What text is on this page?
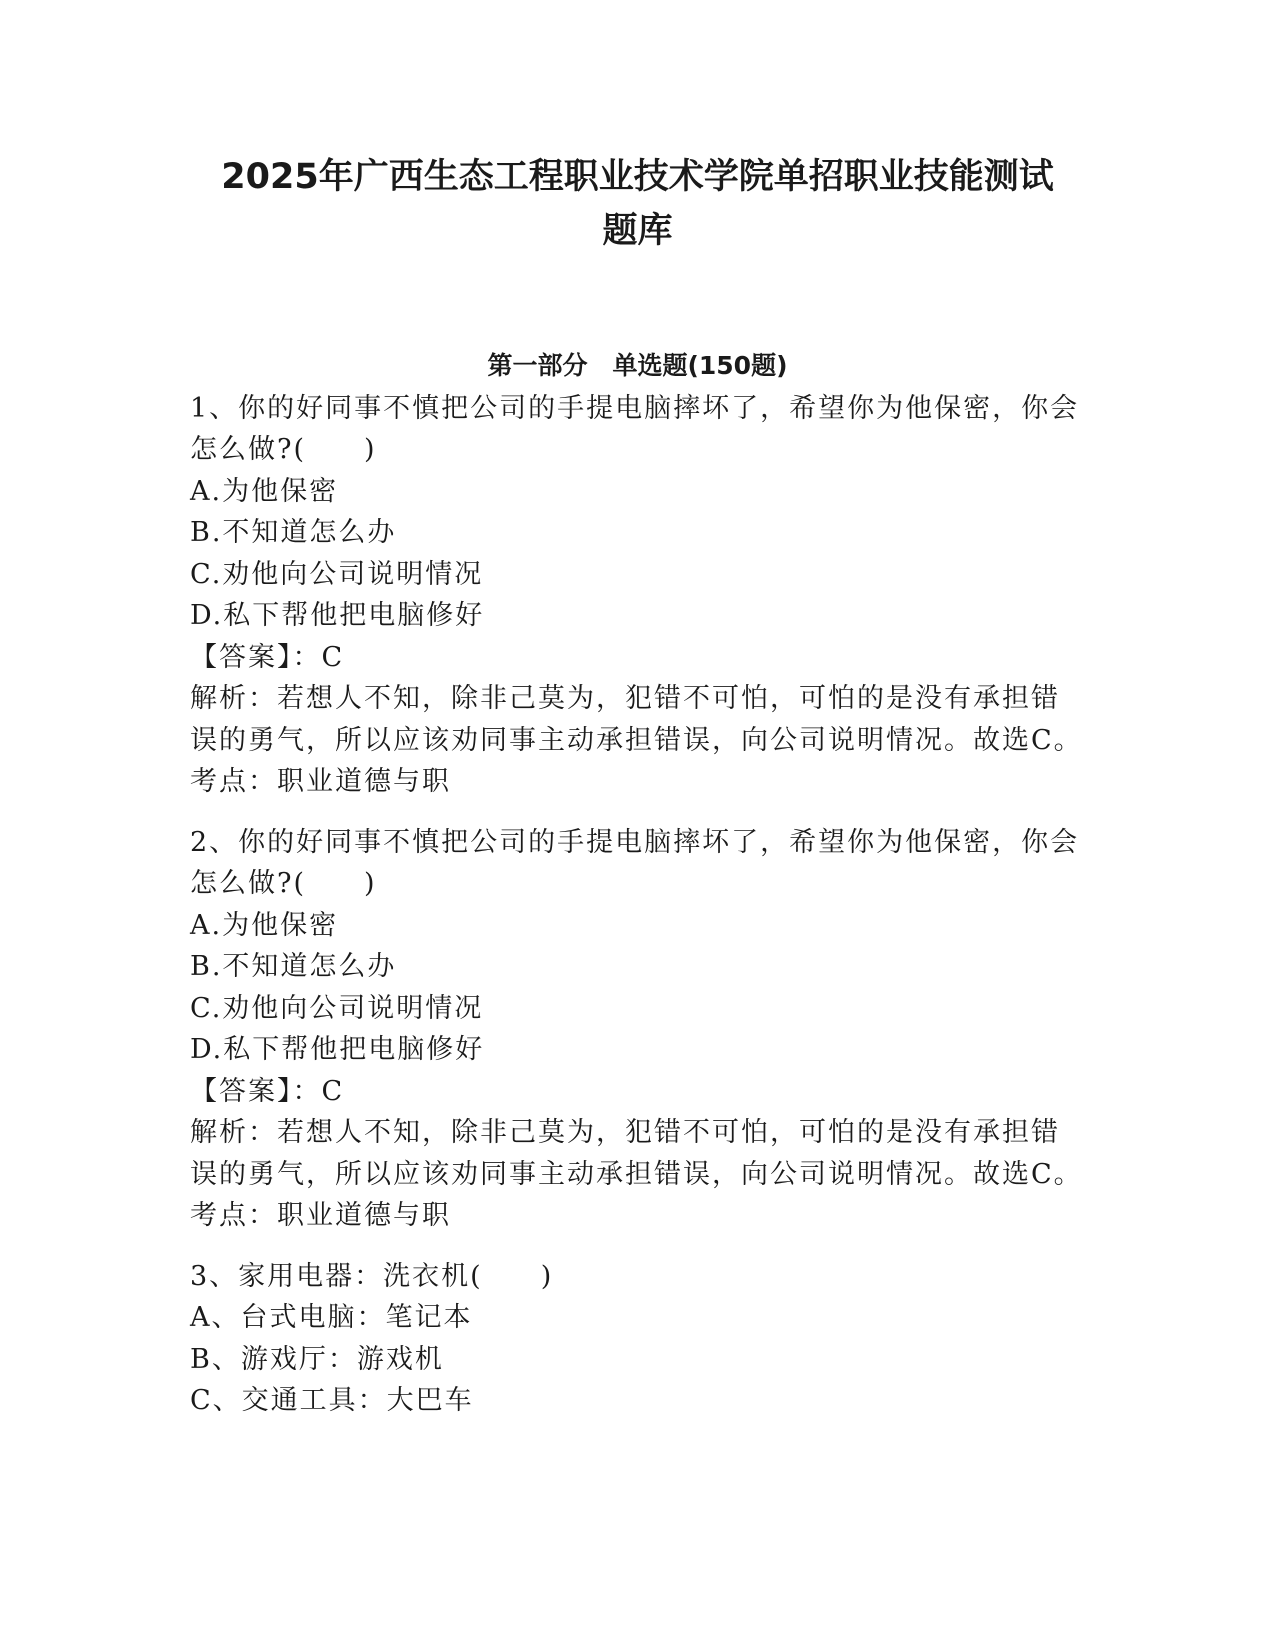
2025年广西生态工程职业技术学院单招职业技能测试
题库
第一部分　单选题(150题)
1、你的好同事不慎把公司的手提电脑摔坏了，希望你为他保密，你会
怎么做?(　　)
A.为他保密
B.不知道怎么办
C.劝他向公司说明情况
D.私下帮他把电脑修好
【答案】：C
解析：若想人不知，除非己莫为，犯错不可怕，可怕的是没有承担错
误的勇气，所以应该劝同事主动承担错误，向公司说明情况。故选C。
考点：职业道德与职
2、你的好同事不慎把公司的手提电脑摔坏了，希望你为他保密，你会
怎么做?(　　)
A.为他保密
B.不知道怎么办
C.劝他向公司说明情况
D.私下帮他把电脑修好
【答案】：C
解析：若想人不知，除非己莫为，犯错不可怕，可怕的是没有承担错
误的勇气，所以应该劝同事主动承担错误，向公司说明情况。故选C。
考点：职业道德与职
3、家用电器：洗衣机(　　)
A、台式电脑：笔记本
B、游戏厅：游戏机
C、交通工具：大巴车
